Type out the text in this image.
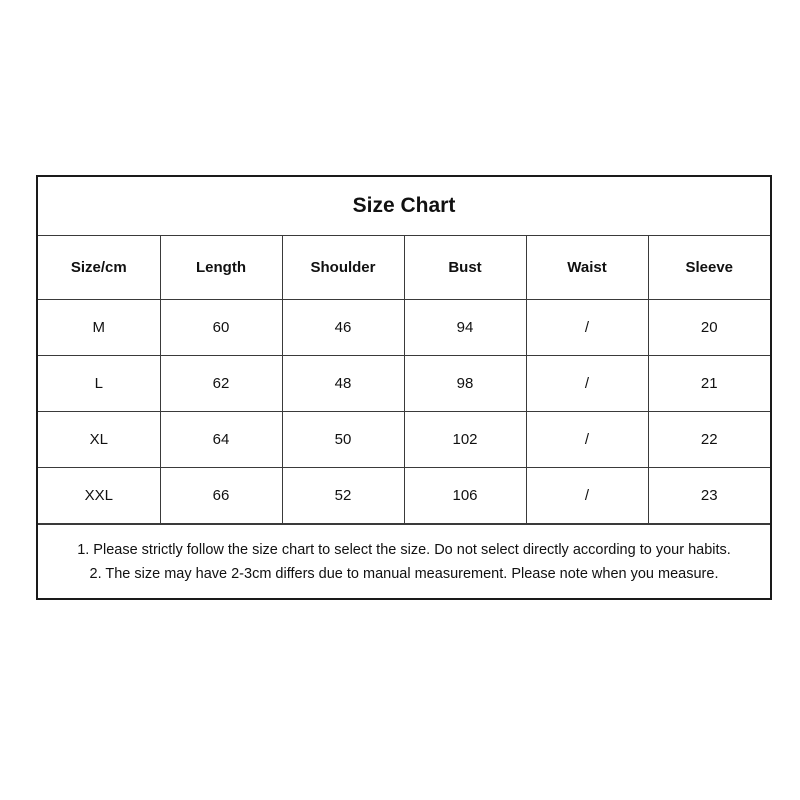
Size Chart
Size/cm	Length	Shoulder	Bust	Waist	Sleeve
M	60	46	94	/	20
L	62	48	98	/	21
XL	64	50	102	/	22
XXL	66	52	106	/	23
1. Please strictly follow the size chart to select the size. Do not select directly according to your habits.
2. The size may have 2-3cm differs due to manual measurement. Please note when you measure.
